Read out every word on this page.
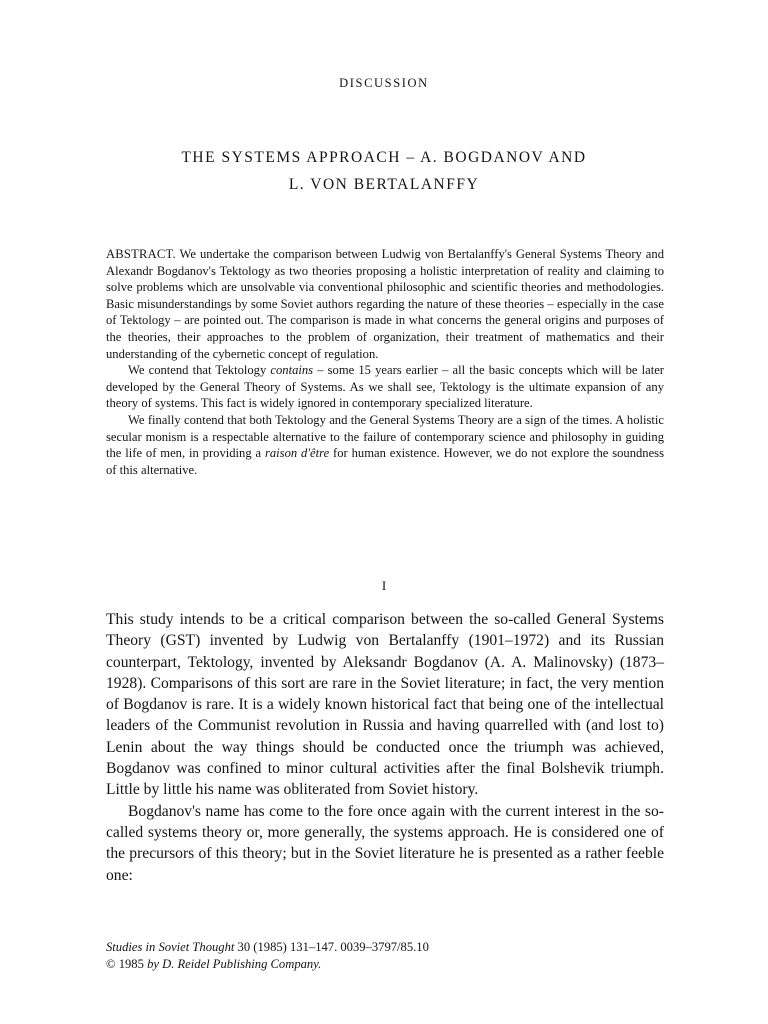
DISCUSSION
THE SYSTEMS APPROACH – A. BOGDANOV AND
L. VON BERTALANFFY

ABSTRACT. We undertake the comparison between Ludwig von Bertalanffy's General Systems Theory and Alexandr Bogdanov's Tektology as two theories proposing a holistic interpretation of reality and claiming to solve problems which are unsolvable via conventional philosophic and scientific theories and methodologies. Basic misunderstandings by some Soviet authors regarding the nature of these theories – especially in the case of Tektology – are pointed out. The comparison is made in what concerns the general origins and purposes of the theories, their approaches to the problem of organization, their treatment of mathematics and their understanding of the cybernetic concept of regulation.

We contend that Tektology contains – some 15 years earlier – all the basic concepts which will be later developed by the General Theory of Systems. As we shall see, Tektology is the ultimate expansion of any theory of systems. This fact is widely ignored in contemporary specialized literature.

We finally contend that both Tektology and the General Systems Theory are a sign of the times. A holistic secular monism is a respectable alternative to the failure of contemporary science and philosophy in guiding the life of men, in providing a raison d'être for human existence. However, we do not explore the soundness of this alternative.

I

This study intends to be a critical comparison between the so-called General Systems Theory (GST) invented by Ludwig von Bertalanffy (1901–1972) and its Russian counterpart, Tektology, invented by Aleksandr Bogdanov (A. A. Malinovsky) (1873–1928). Comparisons of this sort are rare in the Soviet literature; in fact, the very mention of Bogdanov is rare. It is a widely known historical fact that being one of the intellectual leaders of the Communist revolution in Russia and having quarrelled with (and lost to) Lenin about the way things should be conducted once the triumph was achieved, Bogdanov was confined to minor cultural activities after the final Bolshevik triumph. Little by little his name was obliterated from Soviet history.

Bogdanov's name has come to the fore once again with the current interest in the so-called systems theory or, more generally, the systems approach. He is considered one of the precursors of this theory; but in the Soviet literature he is presented as a rather feeble one:

Studies in Soviet Thought 30 (1985) 131–147. 0039–3797/85.10
© 1985 by D. Reidel Publishing Company.
